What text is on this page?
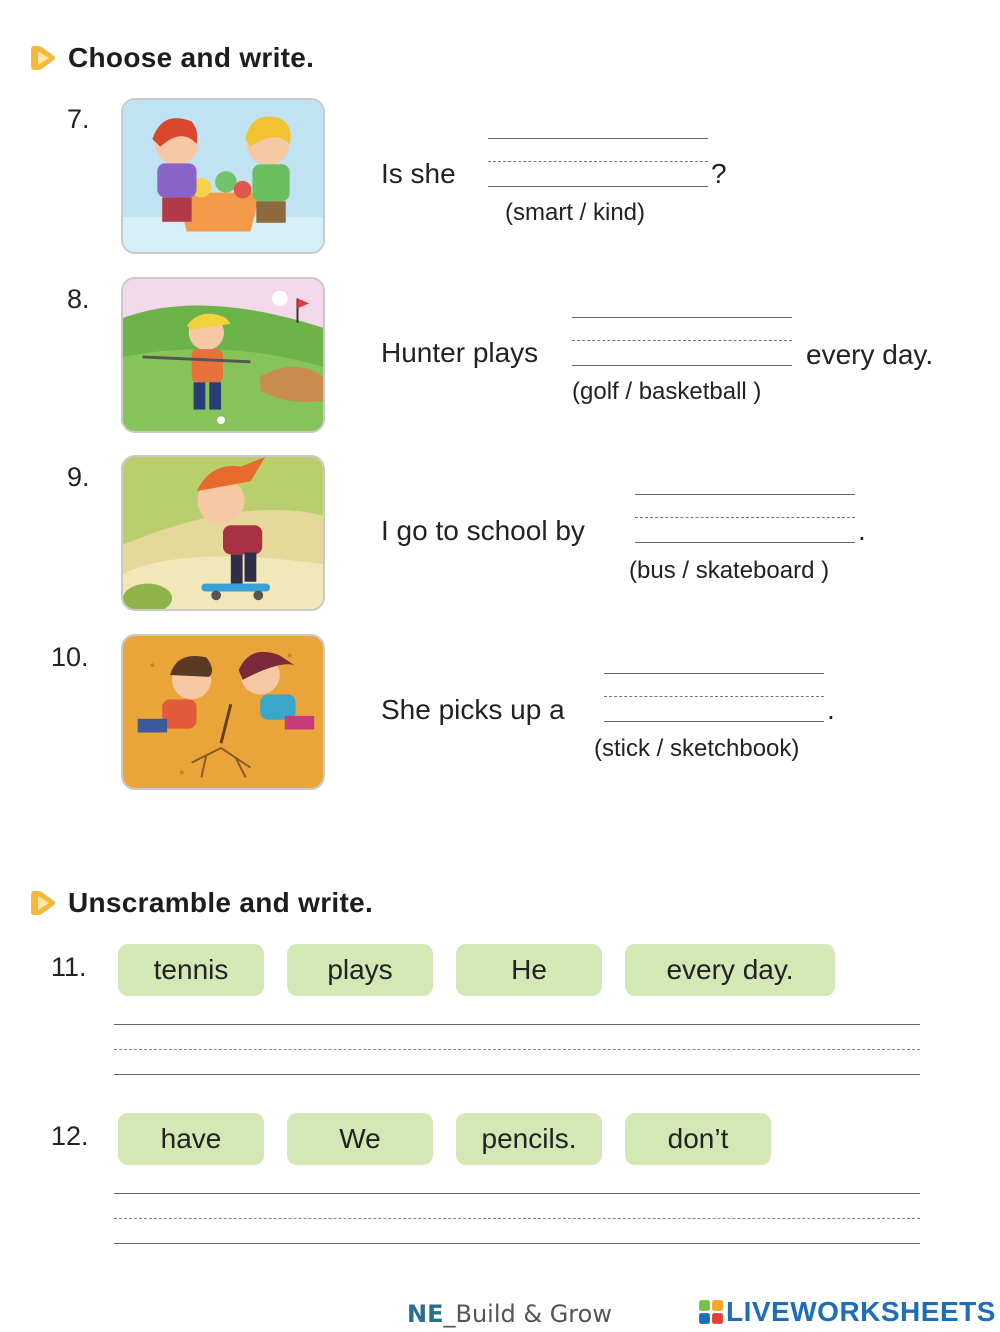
Choose and write.
7.
Is she	?
(smart / kind)
8.
Hunter plays	every day.
(golf / basketball )
9.
I go to school by	.
(bus / skateboard )
10.
She picks up a	.
(stick / sketchbook)
Unscramble and write.
11.	tennis	plays	He	every day.
12.	have	We	pencils.	don’t
NE_Build & Grow	LIVEWORKSHEETS
